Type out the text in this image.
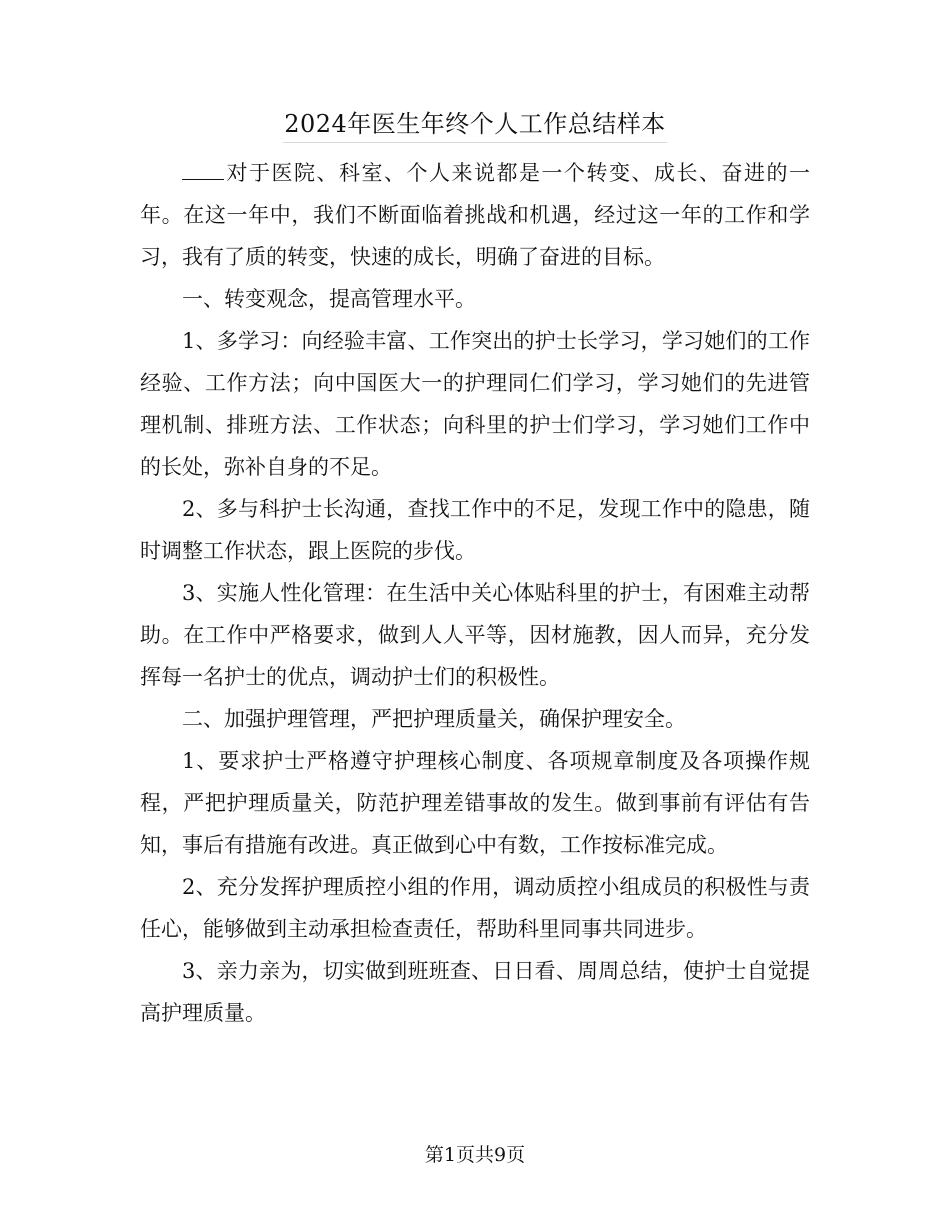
2024年医生年终个人工作总结样本

对于医院、科室、个人来说都是一个转变、成长、奋进的一年。在这一年中，我们不断面临着挑战和机遇，经过这一年的工作和学习，我有了质的转变，快速的成长，明确了奋进的目标。

一、转变观念，提高管理水平。

1、多学习：向经验丰富、工作突出的护士长学习，学习她们的工作经验、工作方法；向中国医大一的护理同仁们学习，学习她们的先进管理机制、排班方法、工作状态；向科里的护士们学习，学习她们工作中的长处，弥补自身的不足。

2、多与科护士长沟通，查找工作中的不足，发现工作中的隐患，随时调整工作状态，跟上医院的步伐。

3、实施人性化管理：在生活中关心体贴科里的护士，有困难主动帮助。在工作中严格要求，做到人人平等，因材施教，因人而异，充分发挥每一名护士的优点，调动护士们的积极性。

二、加强护理管理，严把护理质量关，确保护理安全。

1、要求护士严格遵守护理核心制度、各项规章制度及各项操作规程，严把护理质量关，防范护理差错事故的发生。做到事前有评估有告知，事后有措施有改进。真正做到心中有数，工作按标准完成。

2、充分发挥护理质控小组的作用，调动质控小组成员的积极性与责任心，能够做到主动承担检查责任，帮助科里同事共同进步。

3、亲力亲为，切实做到班班查、日日看、周周总结，使护士自觉提高护理质量。

第1页共9页
